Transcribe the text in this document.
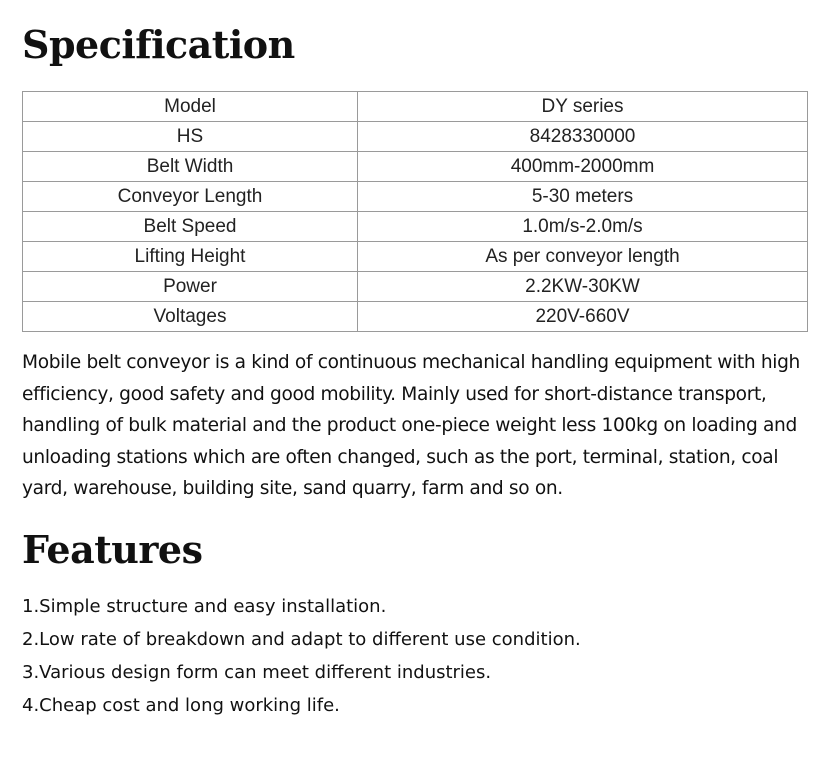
Specification
Model	DY series
HS	8428330000
Belt Width	400mm-2000mm
Conveyor Length	5-30 meters
Belt Speed	1.0m/s-2.0m/s
Lifting Height	As per conveyor length
Power	2.2KW-30KW
Voltages	220V-660V

Mobile belt conveyor is a kind of continuous mechanical handling equipment with high efficiency, good safety and good mobility. Mainly used for short-distance transport, handling of bulk material and the product one-piece weight less 100kg on loading and unloading stations which are often changed, such as the port, terminal, station, coal yard, warehouse, building site, sand quarry, farm and so on.

Features
1.Simple structure and easy installation.
2.Low rate of breakdown and adapt to different use condition.
3.Various design form can meet different industries.
4.Cheap cost and long working life.
